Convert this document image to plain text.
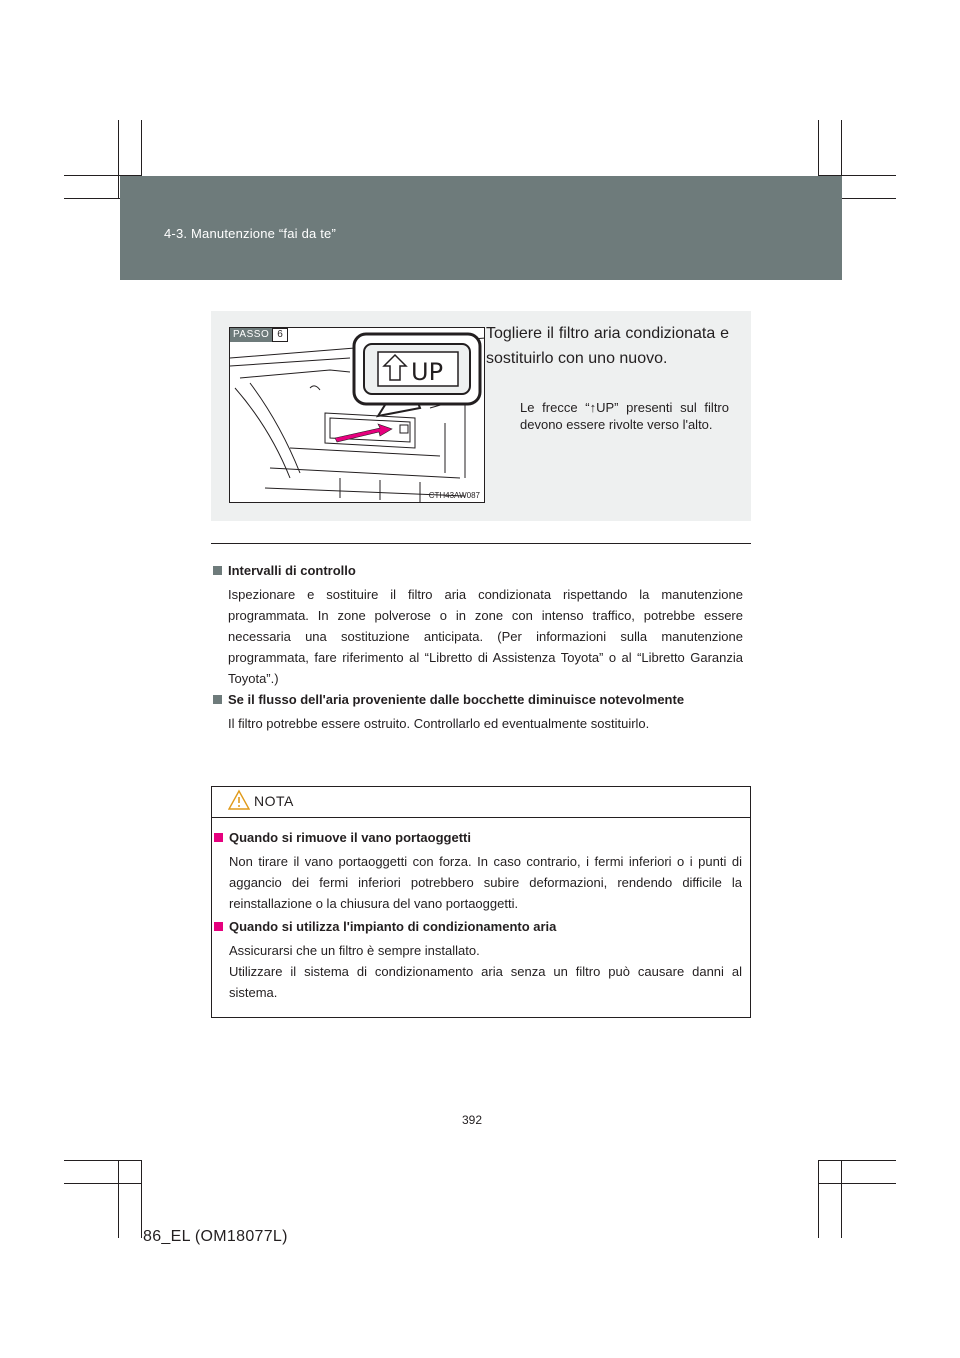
4-3. Manutenzione “fai da te”
UP
PASSO 6
CTH43AW087
Togliere il filtro aria condizionata e sostituirlo con uno nuovo.
Le frecce “↑UP” presenti sul filtro devono essere rivolte verso l'alto.
Intervalli di controllo
Ispezionare e sostituire il filtro aria condizionata rispettando la manutenzione programmata. In zone polverose o in zone con intenso traffico, potrebbe essere necessaria una sostituzione anticipata. (Per informazioni sulla manutenzione programmata, fare riferimento al “Libretto di Assistenza Toyota” o al “Libretto Garanzia Toyota”.)
Se il flusso dell'aria proveniente dalle bocchette diminuisce notevolmente
Il filtro potrebbe essere ostruito. Controllarlo ed eventualmente sostituirlo.
NOTA
Quando si rimuove il vano portaoggetti
Non tirare il vano portaoggetti con forza. In caso contrario, i fermi inferiori o i punti di aggancio dei fermi inferiori potrebbero subire deformazioni, rendendo difficile la reinstallazione o la chiusura del vano portaoggetti.
Quando si utilizza l'impianto di condizionamento aria
Assicurarsi che un filtro è sempre installato.
Utilizzare il sistema di condizionamento aria senza un filtro può causare danni al sistema.
392
86_EL (OM18077L)
